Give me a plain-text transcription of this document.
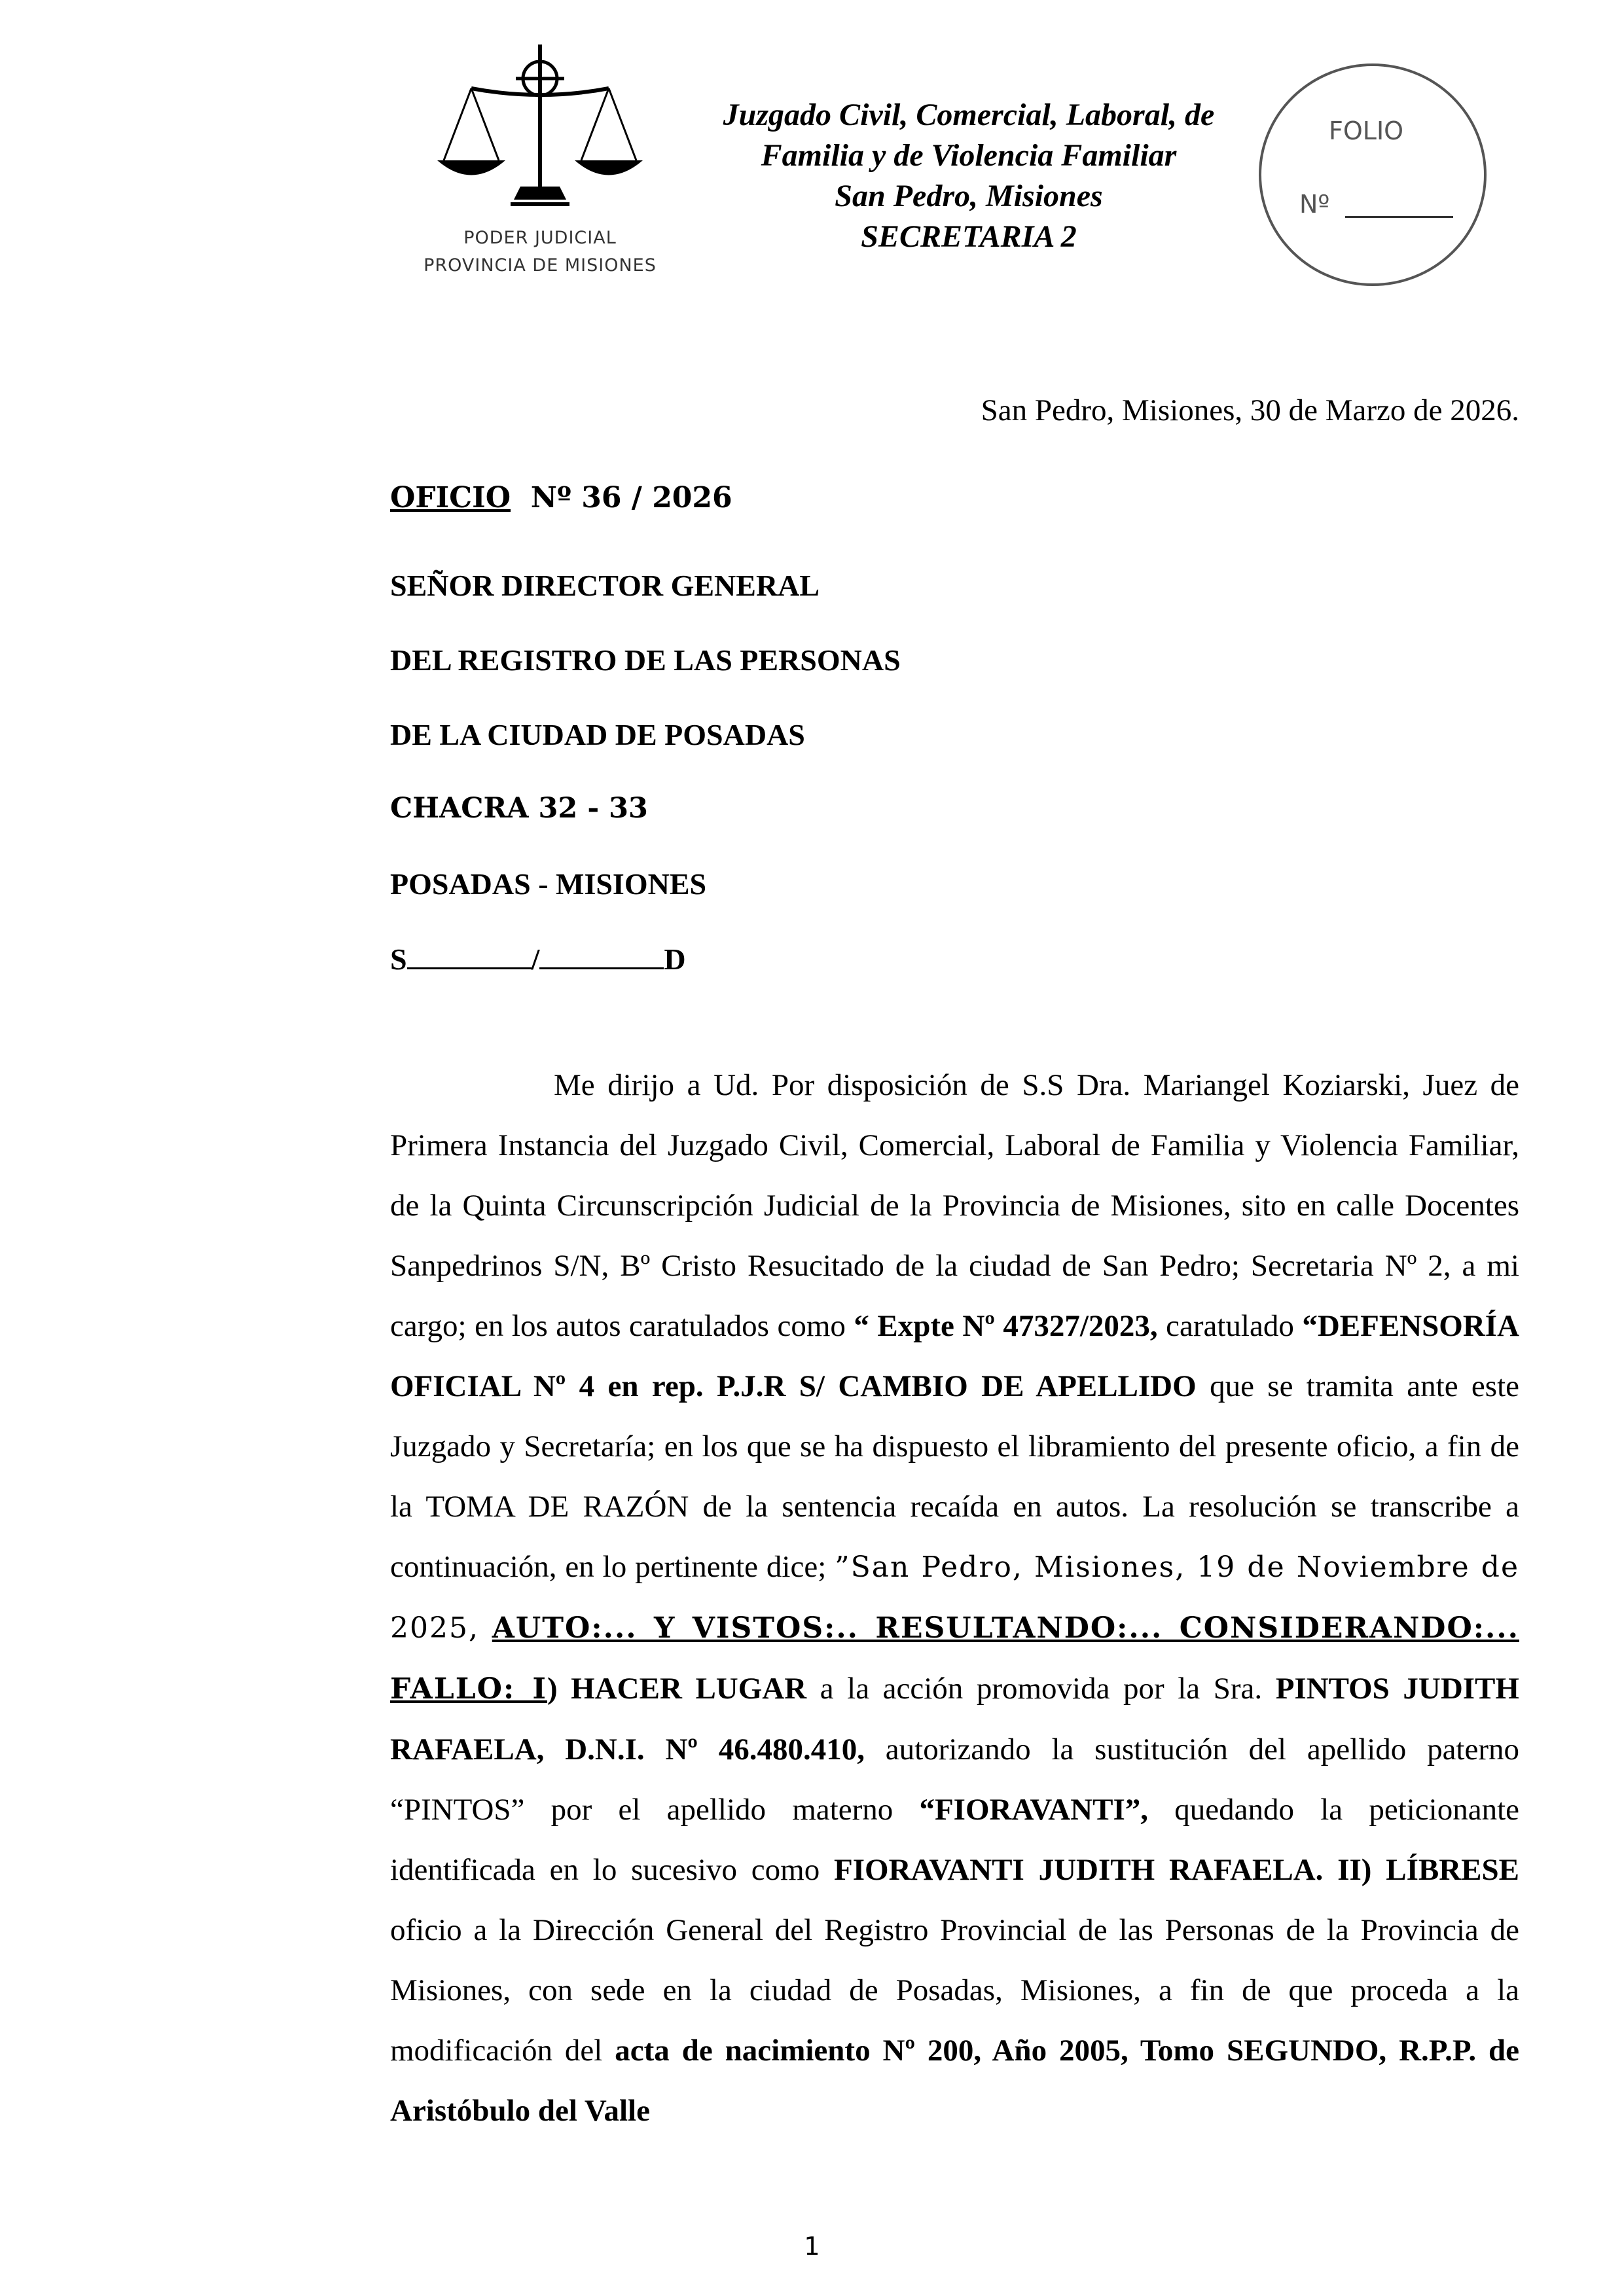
PODER JUDICIAL
PROVINCIA DE MISIONES
Juzgado Civil, Comercial, Laboral, de
Familia y de Violencia Familiar
San Pedro, Misiones
SECRETARIA 2
FOLIO
Nº
San Pedro, Misiones, 30 de Marzo de 2026.
OFICIO Nº 36 / 2026
SEÑOR DIRECTOR GENERAL
DEL REGISTRO DE LAS PERSONAS
DE LA CIUDAD DE POSADAS
CHACRA 32 - 33
POSADAS - MISIONES
S	/	D
Me dirijo a Ud. Por disposición de S.S Dra. Mariangel Koziarski, Juez de Primera Instancia del Juzgado Civil, Comercial, Laboral de Familia y Violencia Familiar, de la Quinta Circunscripción Judicial de la Provincia de Misiones, sito en calle Docentes Sanpedrinos S/N, Bº Cristo Resucitado de la ciudad de San Pedro; Secretaria Nº 2, a mi cargo; en los autos caratulados como “ Expte Nº 47327/2023, caratulado “DEFENSORÍA OFICIAL Nº 4 en rep. P.J.R S/ CAMBIO DE APELLIDO que se tramita ante este Juzgado y Secretaría; en los que se ha dispuesto el libramiento del presente oficio, a fin de la TOMA DE RAZÓN de la sentencia recaída en autos. La resolución se transcribe a continuación, en lo pertinente dice; ”San Pedro, Misiones, 19 de Noviembre de 2025, AUTO:... Y VISTOS:.. RESULTANDO:... CONSIDERANDO:... FALLO: I) HACER LUGAR a la acción promovida por la Sra. PINTOS JUDITH RAFAELA, D.N.I. Nº 46.480.410, autorizando la sustitución del apellido paterno “PINTOS” por el apellido materno “FIORAVANTI”, quedando la peticionante identificada en lo sucesivo como FIORAVANTI JUDITH RAFAELA. II) LÍBRESE oficio a la Dirección General del Registro Provincial de las Personas de la Provincia de Misiones, con sede en la ciudad de Posadas, Misiones, a fin de que proceda a la modificación del acta de nacimiento Nº 200, Año 2005, Tomo SEGUNDO, R.P.P. de Aristóbulo del Valle
1
